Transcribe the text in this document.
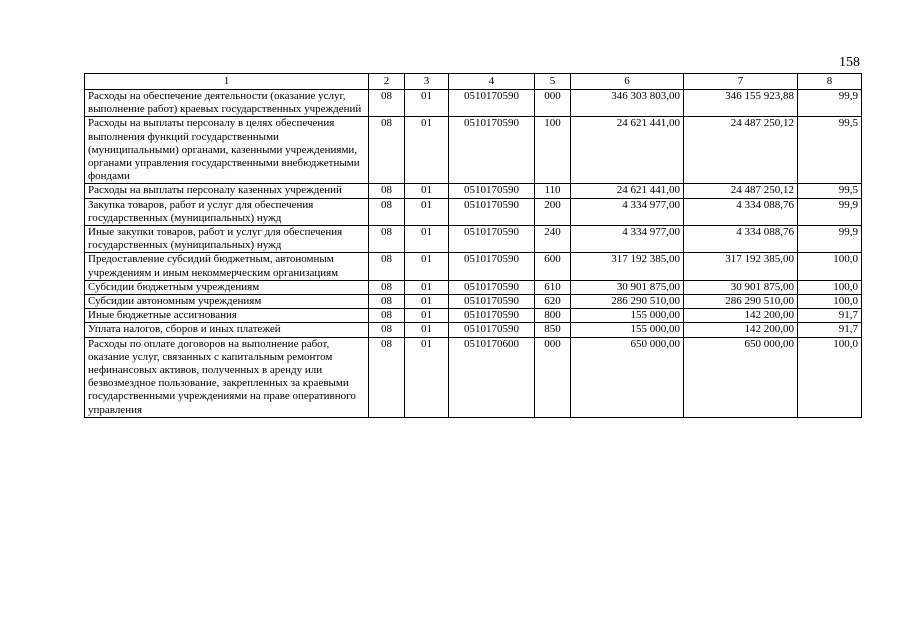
158
1	2	3	4	5	6	7	8
Расходы на обеспечение деятельности (оказание услуг, выполнение работ) краевых государственных учреждений	08	01	0510170590	000	346 303 803,00	346 155 923,88	99,9
Расходы на выплаты персоналу в целях обеспечения выполнения функций государственными (муниципальными) органами, казенными учреждениями, органами управления государственными внебюджетными фондами	08	01	0510170590	100	24 621 441,00	24 487 250,12	99,5
Расходы на выплаты персоналу казенных учреждений	08	01	0510170590	110	24 621 441,00	24 487 250,12	99,5
Закупка товаров, работ и услуг для обеспечения государственных (муниципальных) нужд	08	01	0510170590	200	4 334 977,00	4 334 088,76	99,9
Иные закупки товаров, работ и услуг для обеспечения государственных (муниципальных) нужд	08	01	0510170590	240	4 334 977,00	4 334 088,76	99,9
Предоставление субсидий бюджетным, автономным учреждениям и иным некоммерческим организациям	08	01	0510170590	600	317 192 385,00	317 192 385,00	100,0
Субсидии бюджетным учреждениям	08	01	0510170590	610	30 901 875,00	30 901 875,00	100,0
Субсидии автономным учреждениям	08	01	0510170590	620	286 290 510,00	286 290 510,00	100,0
Иные бюджетные ассигнования	08	01	0510170590	800	155 000,00	142 200,00	91,7
Уплата налогов, сборов и иных платежей	08	01	0510170590	850	155 000,00	142 200,00	91,7
Расходы по оплате договоров на выполнение работ, оказание услуг, связанных с капитальным ремонтом нефинансовых активов, полученных в аренду или безвозмездное пользование, закрепленных за краевыми государственными учреждениями на праве оперативного управления	08	01	0510170600	000	650 000,00	650 000,00	100,0
